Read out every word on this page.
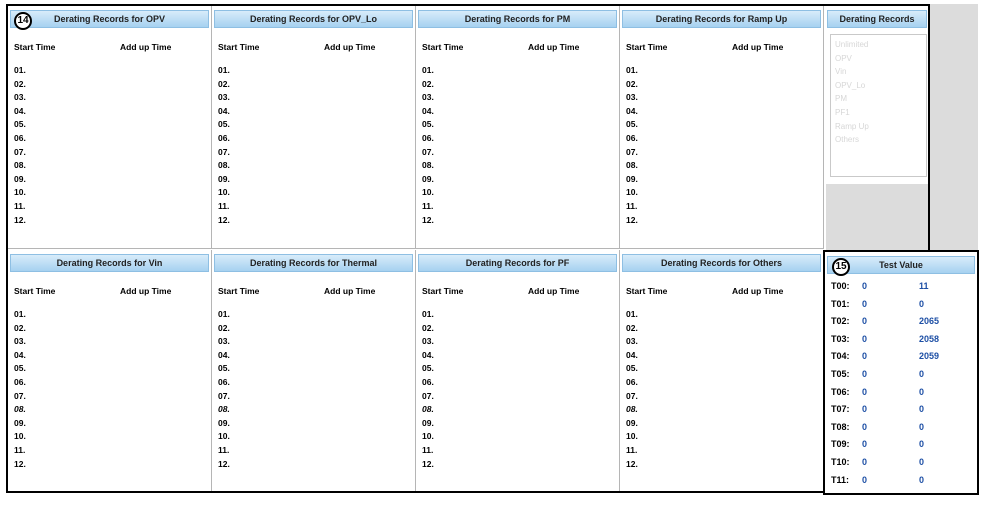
Derating Records for OPV
Start Time	Add up Time
01.
02.
03.
04.
05.
06.
07.
08.
09.
10.
11.
12.
Derating Records for OPV_Lo
Start Time	Add up Time
01.
02.
03.
04.
05.
06.
07.
08.
09.
10.
11.
12.
Derating Records for PM
Start Time	Add up Time
01.
02.
03.
04.
05.
06.
07.
08.
09.
10.
11.
12.
Derating Records for Ramp Up
Start Time	Add up Time
01.
02.
03.
04.
05.
06.
07.
08.
09.
10.
11.
12.
Derating Records for Vin
Start Time	Add up Time
01.
02.
03.
04.
05.
06.
07.
08.
09.
10.
11.
12.
Derating Records for Thermal
Start Time	Add up Time
01.
02.
03.
04.
05.
06.
07.
08.
09.
10.
11.
12.
Derating Records for PF
Start Time	Add up Time
01.
02.
03.
04.
05.
06.
07.
08.
09.
10.
11.
12.
Derating Records for Others
Start Time	Add up Time
01.
02.
03.
04.
05.
06.
07.
08.
09.
10.
11.
12.
Derating Records
Unlimited
OPV
Vin
OPV_Lo
PM
PF1
Ramp Up
Others
14
Test Value
T00:	0	11
T01:	0	0
T02:	0	2065
T03:	0	2058
T04:	0	2059
T05:	0	0
T06:	0	0
T07:	0	0
T08:	0	0
T09:	0	0
T10:	0	0
T11:	0	0
15
